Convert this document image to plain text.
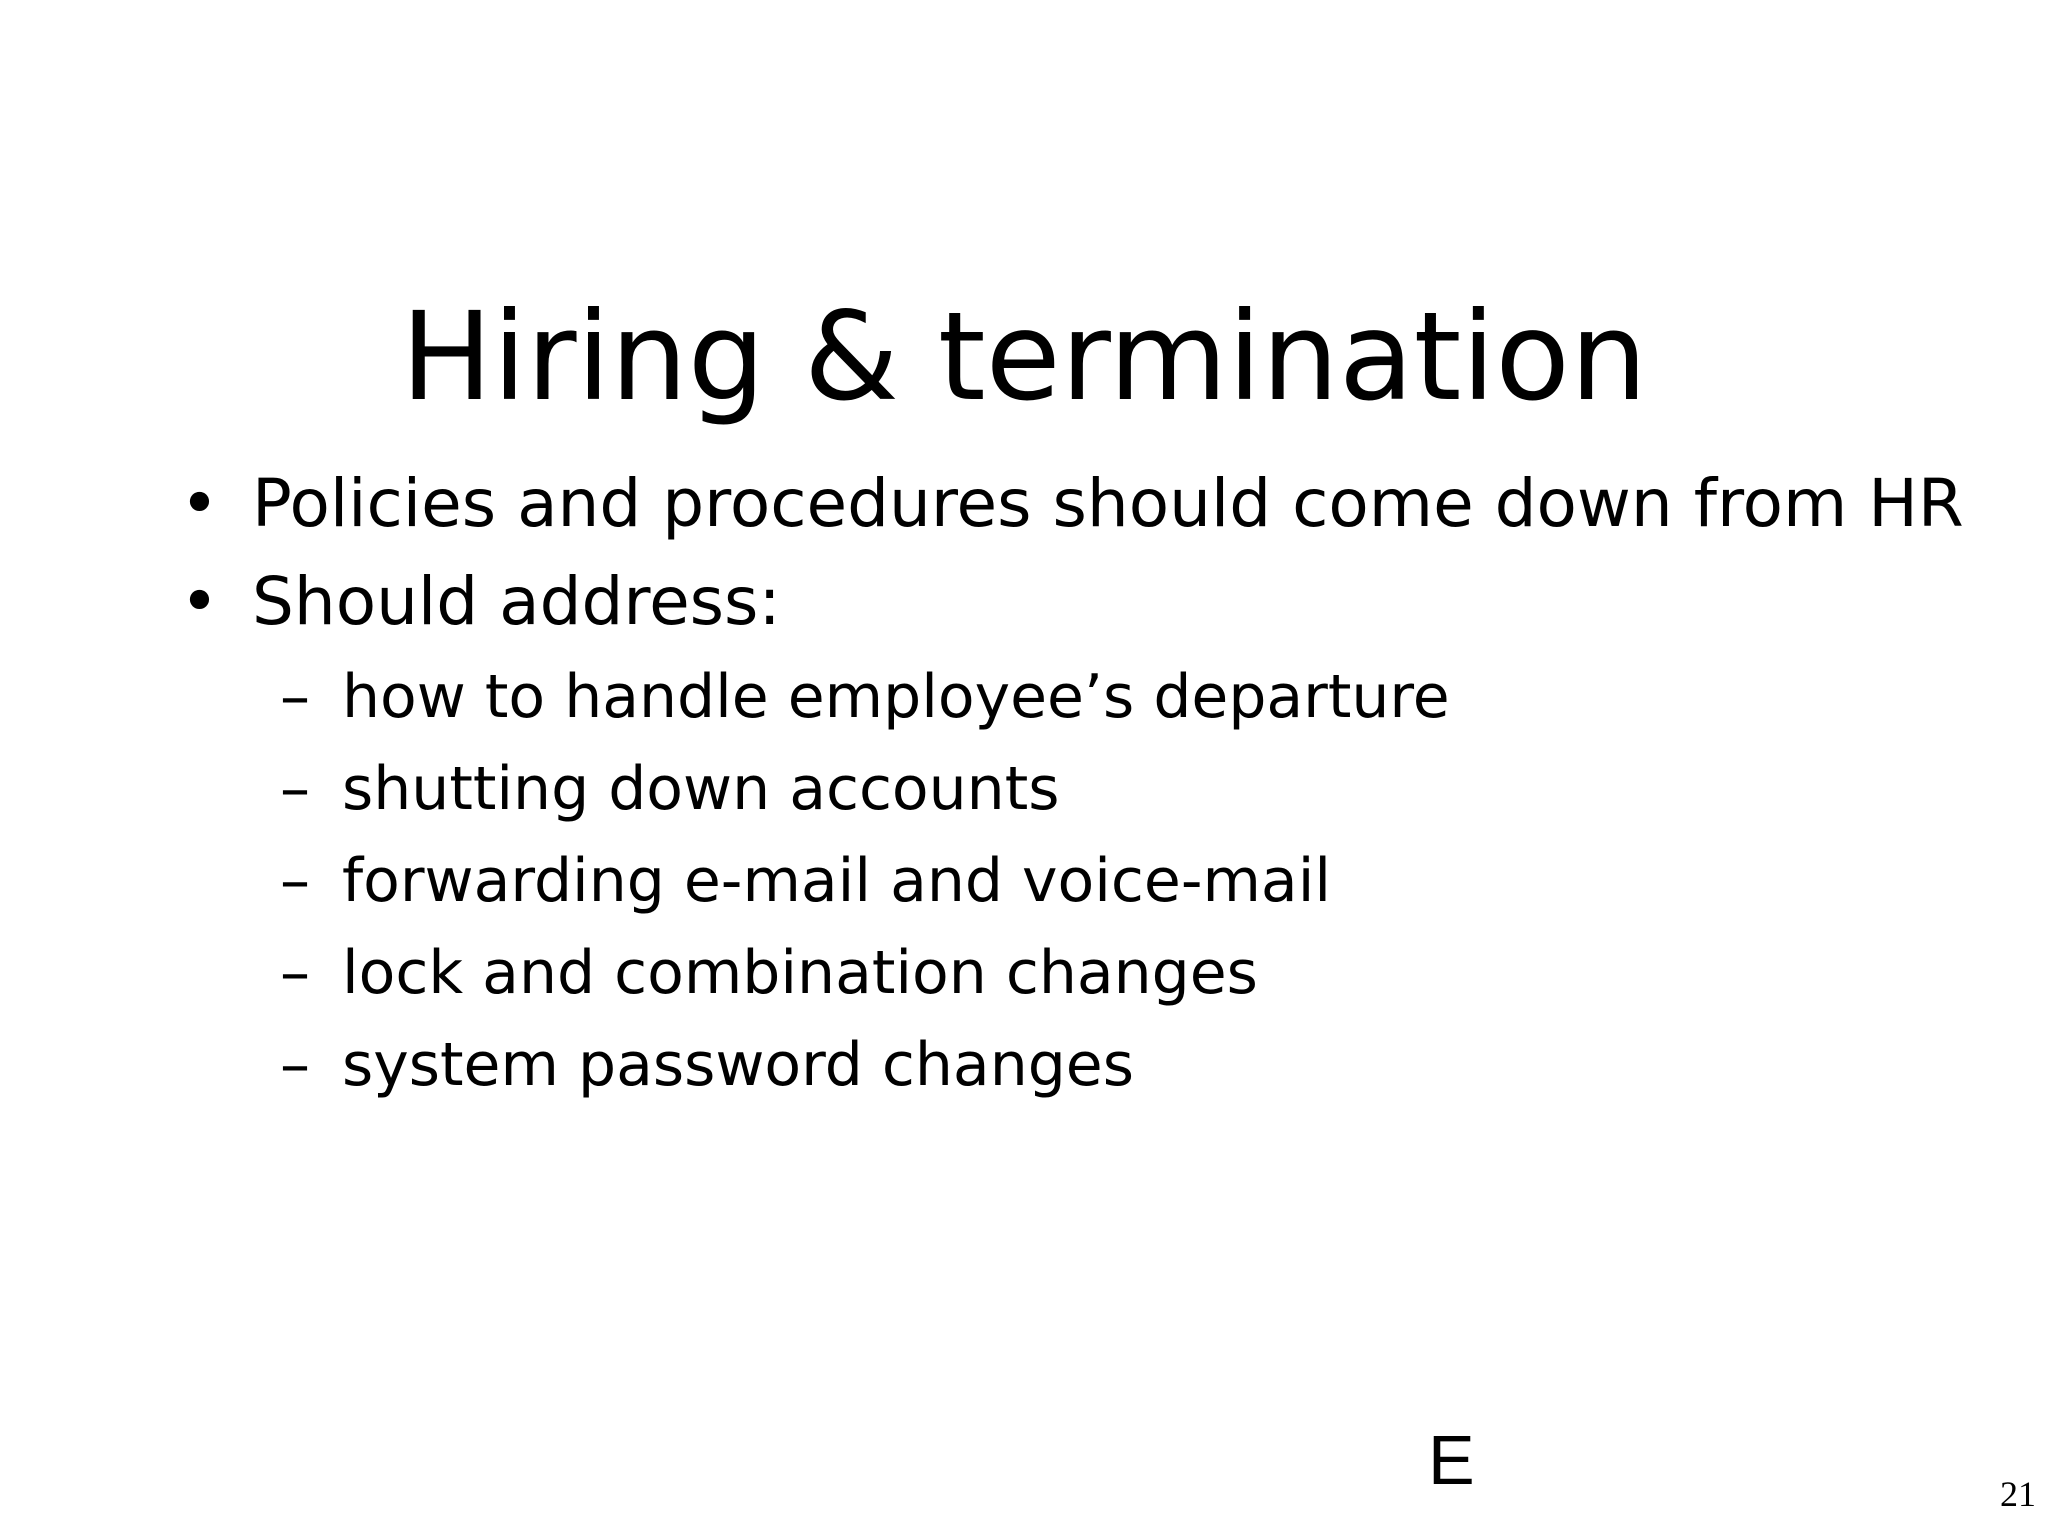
Hiring & termination
• Policies and procedures should come down from HR
• Should address:
– how to handle employee’s departure
– shutting down accounts
– forwarding e-mail and voice-mail
– lock and combination changes
– system password changes
E	21
